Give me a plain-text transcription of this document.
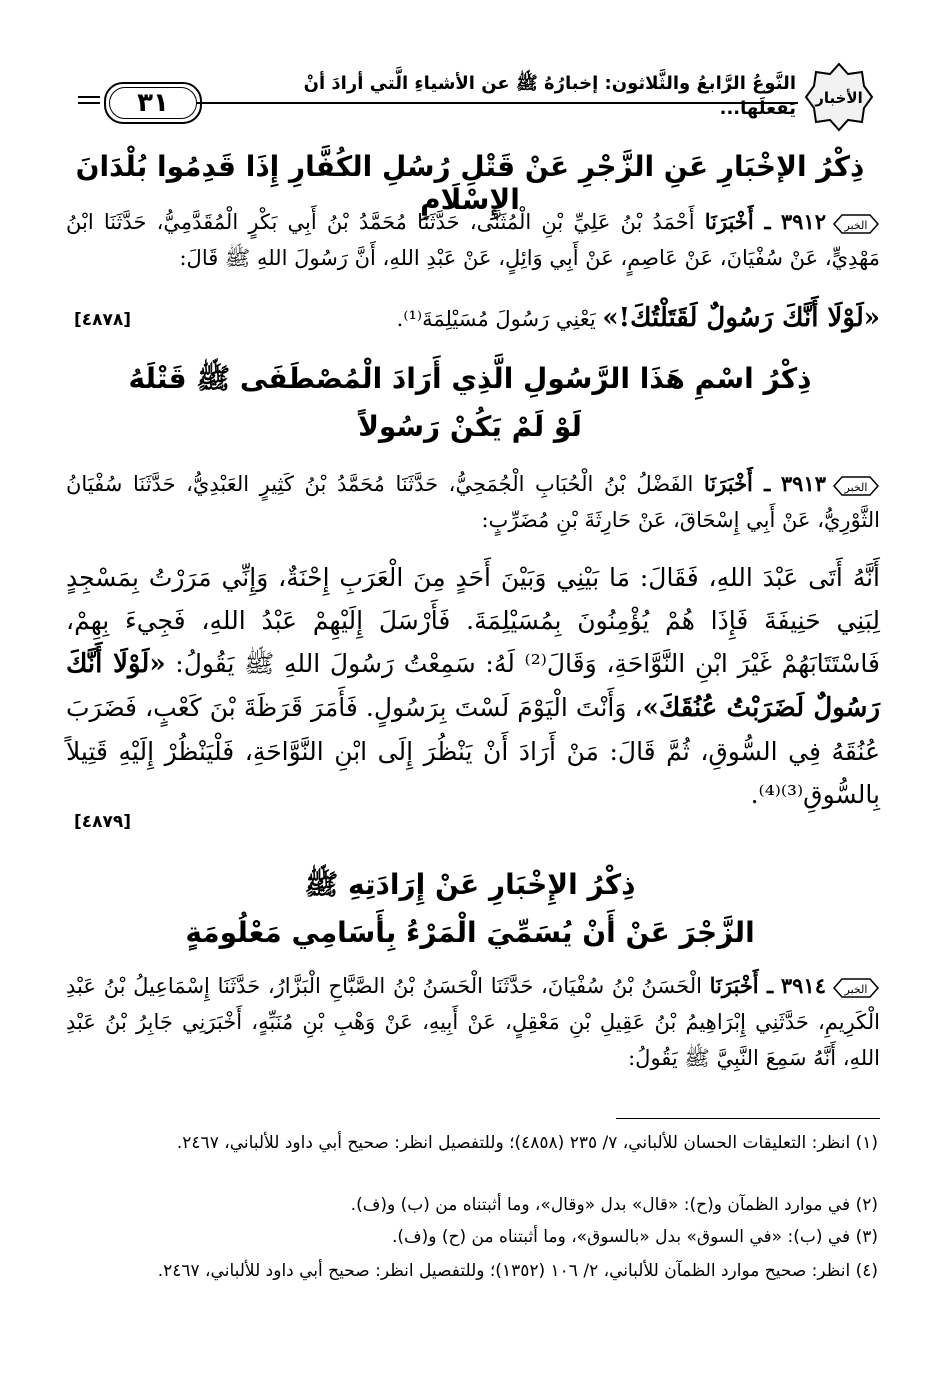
الأخبار
النَّوعُ الرَّابعُ والثَّلاثون: إخبارُهُ ﷺ عن الأشياءِ الَّتي أرادَ أنْ يَفعلَها...
٣١
ذِكْرُ الإخْبَارِ عَنِ الزَّجْرِ عَنْ قَتْلِ رُسُلِ الكُفَّارِ إِذَا قَدِمُوا بُلْدَانَ الإِسْلَامِ
الخبر
٣٩١٢ ـ أَخْبَرَنَا أَحْمَدُ بْنُ عَلِيِّ بْنِ الْمُثَنَّى، حَدَّثَنَا مُحَمَّدُ بْنُ أَبِي بَكْرٍ الْمُقَدَّمِيُّ، حَدَّثَنَا ابْنُ مَهْدِيٍّ، عَنْ سُفْيَانَ، عَنْ عَاصِمٍ، عَنْ أَبِي وَائِلٍ، عَنْ عَبْدِ اللهِ، أَنَّ رَسُولَ اللهِ ﷺ قَالَ:
«لَوْلَا أَنَّكَ رَسُولٌ لَقَتَلْتُكَ!» يَعْنِي رَسُولَ مُسَيْلِمَةَ⁽¹⁾.
[٤٨٧٨]
ذِكْرُ اسْمِ هَذَا الرَّسُولِ الَّذِي أَرَادَ الْمُصْطَفَى ﷺ قَتْلَهُ
لَوْ لَمْ يَكُنْ رَسُولاً
الخبر
٣٩١٣ ـ أَخْبَرَنَا الفَضْلُ بْنُ الْحُبَابِ الْجُمَحِيُّ، حَدَّثَنَا مُحَمَّدُ بْنُ كَثِيرٍ العَبْدِيُّ، حَدَّثَنَا سُفْيَانُ الثَّوْرِيُّ، عَنْ أَبِي إِسْحَاقَ، عَنْ حَارِثَةَ بْنِ مُضَرِّبٍ:
أَنَّهُ أَتَى عَبْدَ اللهِ، فَقَالَ: مَا بَيْنِي وَبَيْنَ أَحَدٍ مِنَ الْعَرَبِ إِحْنَةٌ، وَإِنِّي مَرَرْتُ بِمَسْجِدٍ لِبَنِي حَنِيفَةَ فَإِذَا هُمْ يُؤْمِنُونَ بِمُسَيْلِمَةَ. فَأَرْسَلَ إِلَيْهِمْ عَبْدُ اللهِ، فَجِيءَ بِهِمْ، فَاسْتَتَابَهُمْ غَيْرَ ابْنِ النَّوَّاحَةِ، وَقَالَ⁽²⁾ لَهُ: سَمِعْتُ رَسُولَ اللهِ ﷺ يَقُولُ: «لَوْلَا أَنَّكَ رَسُولٌ لَضَرَبْتُ عُنُقَكَ»، وَأَنْتَ الْيَوْمَ لَسْتَ بِرَسُولٍ. فَأَمَرَ قَرَظَةَ بْنَ كَعْبٍ، فَضَرَبَ عُنُقَهُ فِي السُّوقِ، ثُمَّ قَالَ: مَنْ أَرَادَ أَنْ يَنْظُرَ إِلَى ابْنِ النَّوَّاحَةِ، فَلْيَنْظُرْ إِلَيْهِ قَتِيلاً بِالسُّوقِ⁽³⁾⁽⁴⁾.
[٤٨٧٩]
ذِكْرُ الإِخْبَارِ عَنْ إِرَادَتِهِ ﷺ
الزَّجْرَ عَنْ أَنْ يُسَمِّيَ الْمَرْءُ بِأَسَامِي مَعْلُومَةٍ
الخبر
٣٩١٤ ـ أَخْبَرَنَا الْحَسَنُ بْنُ سُفْيَانَ، حَدَّثَنَا الْحَسَنُ بْنُ الصَّبَّاحِ الْبَزَّارُ، حَدَّثَنَا إِسْمَاعِيلُ بْنُ عَبْدِ الْكَرِيمِ، حَدَّثَنِي إِبْرَاهِيمُ بْنُ عَقِيلِ بْنِ مَعْقِلٍ، عَنْ أَبِيهِ، عَنْ وَهْبِ بْنِ مُنَبِّهٍ، أَخْبَرَنِي جَابِرُ بْنُ عَبْدِ اللهِ، أَنَّهُ سَمِعَ النَّبِيَّ ﷺ يَقُولُ:
(١) انظر: التعليقات الحسان للألباني، ٧/ ٢٣٥ (٤٨٥٨)؛ وللتفصيل انظر: صحيح أبي داود للألباني، ٢٤٦٧.
(٢) في موارد الظمآن و(ح): «قال» بدل «وقال»، وما أثبتناه من (ب) و(ف).
(٣) في (ب): «في السوق» بدل «بالسوق»، وما أثبتناه من (ح) و(ف).
(٤) انظر: صحيح موارد الظمآن للألباني، ٢/ ١٠٦ (١٣٥٢)؛ وللتفصيل انظر: صحيح أبي داود للألباني، ٢٤٦٧.
